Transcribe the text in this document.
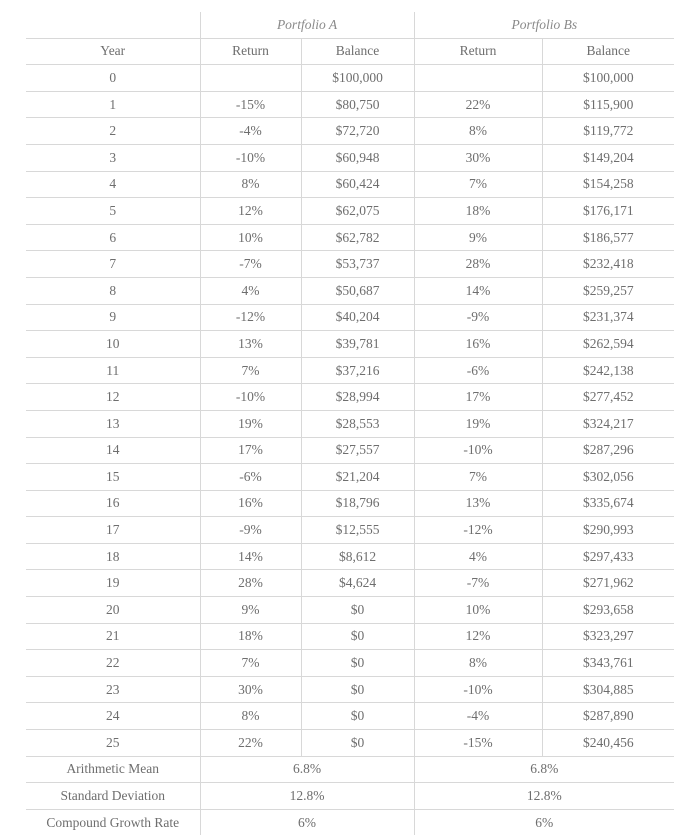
	Portfolio A		Portfolio Bs	
Year	Return	Balance	Return	Balance
0		$100,000		$100,000
1	-15%	$80,750	22%	$115,900
2	-4%	$72,720	8%	$119,772
3	-10%	$60,948	30%	$149,204
4	8%	$60,424	7%	$154,258
5	12%	$62,075	18%	$176,171
6	10%	$62,782	9%	$186,577
7	-7%	$53,737	28%	$232,418
8	4%	$50,687	14%	$259,257
9	-12%	$40,204	-9%	$231,374
10	13%	$39,781	16%	$262,594
11	7%	$37,216	-6%	$242,138
12	-10%	$28,994	17%	$277,452
13	19%	$28,553	19%	$324,217
14	17%	$27,557	-10%	$287,296
15	-6%	$21,204	7%	$302,056
16	16%	$18,796	13%	$335,674
17	-9%	$12,555	-12%	$290,993
18	14%	$8,612	4%	$297,433
19	28%	$4,624	-7%	$271,962
20	9%	$0	10%	$293,658
21	18%	$0	12%	$323,297
22	7%	$0	8%	$343,761
23	30%	$0	-10%	$304,885
24	8%	$0	-4%	$287,890
25	22%	$0	-15%	$240,456
Arithmetic Mean	6.8%		6.8%	
Standard Deviation	12.8%		12.8%	
Compound Growth Rate	6%		6%	
